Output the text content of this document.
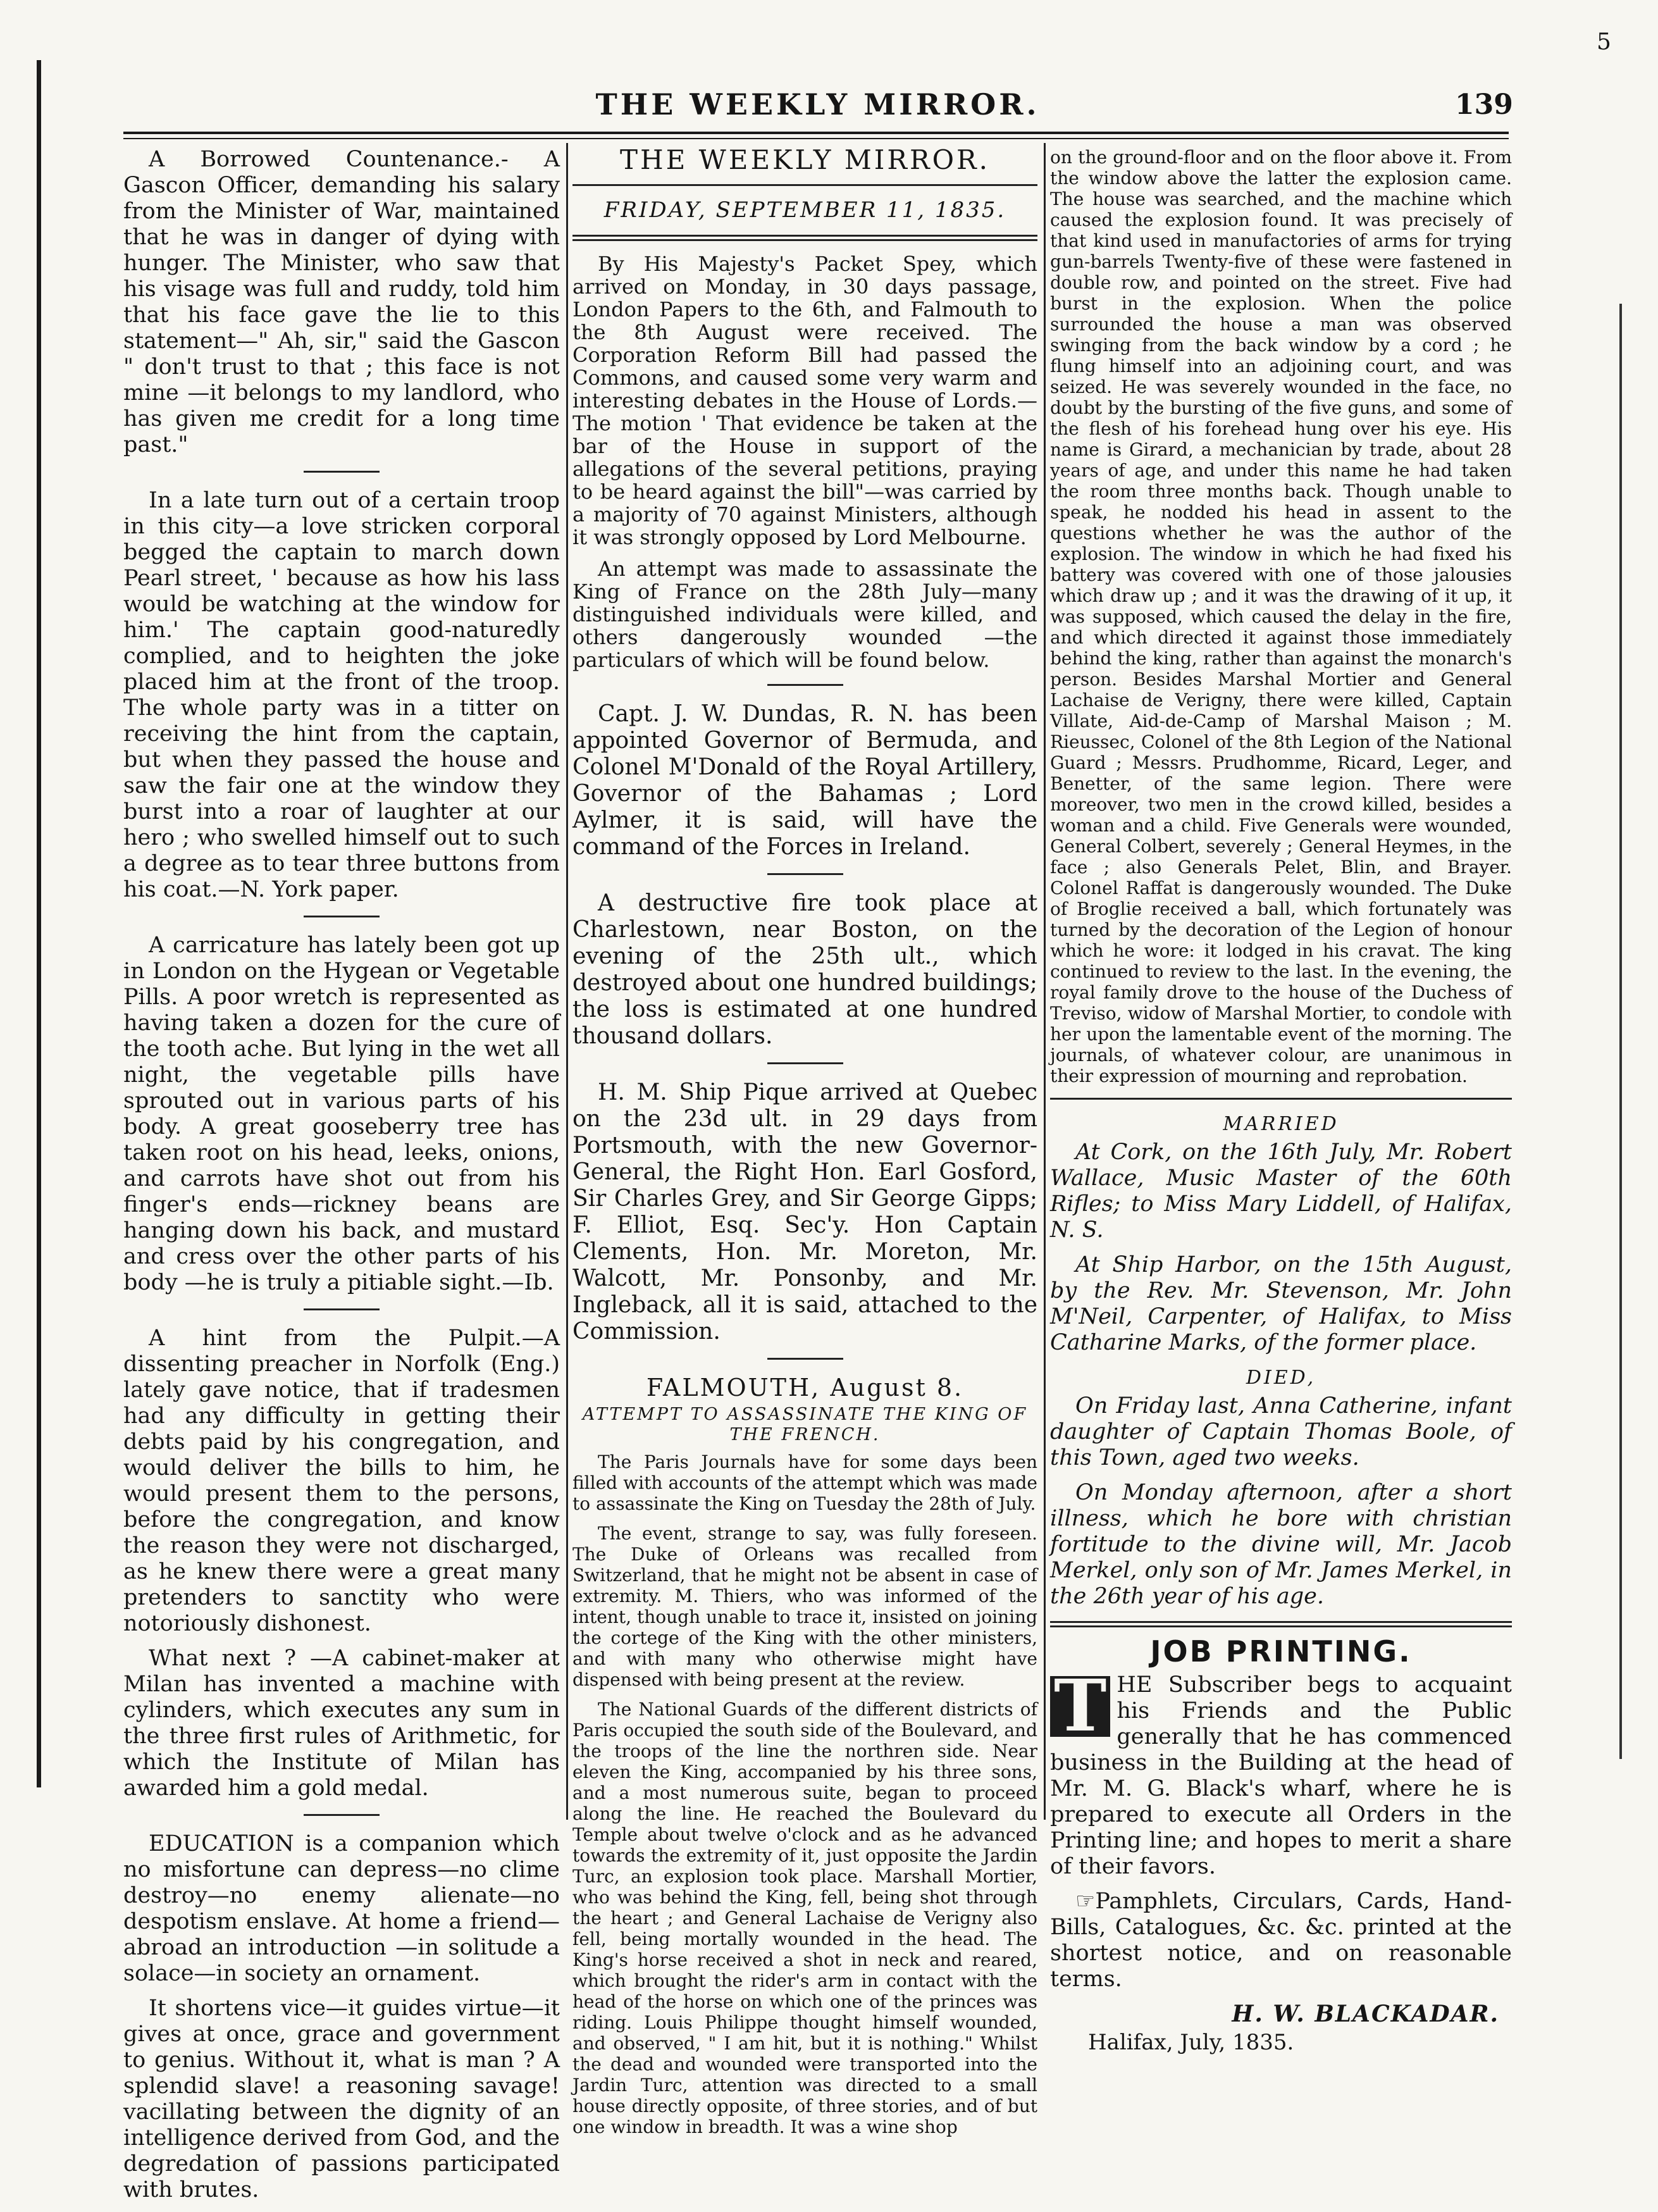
5
THE WEEKLY MIRROR.	139

A Borrowed Countenance.- A Gascon Officer, demanding his salary from the Minister of War, maintained that he was in danger of dying with hunger. The Minister, who saw that his visage was full and ruddy, told him that his face gave the lie to this statement—" Ah, sir," said the Gascon " don't trust to that ; this face is not mine —it belongs to my landlord, who has given me credit for a long time past."

In a late turn out of a certain troop in this city—a love stricken corporal begged the captain to march down Pearl street, ' because as how his lass would be watching at the window for him.' The captain good-naturedly complied, and to heighten the joke placed him at the front of the troop. The whole party was in a titter on receiving the hint from the captain, but when they passed the house and saw the fair one at the window they burst into a roar of laughter at our hero ; who swelled himself out to such a degree as to tear three buttons from his coat.—N. York paper.

A carricature has lately been got up in London on the Hygean or Vegetable Pills. A poor wretch is represented as having taken a dozen for the cure of the tooth ache. But lying in the wet all night, the vegetable pills have sprouted out in various parts of his body. A great gooseberry tree has taken root on his head, leeks, onions, and carrots have shot out from his finger's ends—rickney beans are hanging down his back, and mustard and cress over the other parts of his body —he is truly a pitiable sight.—Ib.

A hint from the Pulpit.—A dissenting preacher in Norfolk (Eng.) lately gave notice, that if tradesmen had any difficulty in getting their debts paid by his congregation, and would deliver the bills to him, he would present them to the persons, before the congregation, and know the reason they were not discharged, as he knew there were a great many pretenders to sanctity who were notoriously dishonest.

What next ? —A cabinet-maker at Milan has invented a machine with cylinders, which executes any sum in the three first rules of Arithmetic, for which the Institute of Milan has awarded him a gold medal.

EDUCATION is a companion which no misfortune can depress—no clime destroy—no enemy alienate—no despotism enslave. At home a friend—abroad an introduction —in solitude a solace—in society an ornament.

It shortens vice—it guides virtue—it gives at once, grace and government to genius. Without it, what is man ? A splendid slave! a reasoning savage! vacillating between the dignity of an intelligence derived from God, and the degredation of passions participated with brutes.

THE WEEKLY MIRROR.
FRIDAY, SEPTEMBER 11, 1835.

By His Majesty's Packet Spey, which arrived on Monday, in 30 days passage, London Papers to the 6th, and Falmouth to the 8th August were received. The Corporation Reform Bill had passed the Commons, and caused some very warm and interesting debates in the House of Lords.—The motion ' That evidence be taken at the bar of the House in support of the allegations of the several petitions, praying to be heard against the bill"—was carried by a majority of 70 against Ministers, although it was strongly opposed by Lord Melbourne.

An attempt was made to assassinate the King of France on the 28th July—many distinguished individuals were killed, and others dangerously wounded —the particulars of which will be found below.

Capt. J. W. Dundas, R. N. has been appointed Governor of Bermuda, and Colonel M'Donald of the Royal Artillery, Governor of the Bahamas ; Lord Aylmer, it is said, will have the command of the Forces in Ireland.

A destructive fire took place at Charlestown, near Boston, on the evening of the 25th ult., which destroyed about one hundred buildings; the loss is estimated at one hundred thousand dollars.

H. M. Ship Pique arrived at Quebec on the 23d ult. in 29 days from Portsmouth, with the new Governor-General, the Right Hon. Earl Gosford, Sir Charles Grey, and Sir George Gipps; F. Elliot, Esq. Sec'y. Hon Captain Clements, Hon. Mr. Moreton, Mr. Walcott, Mr. Ponsonby, and Mr. Ingleback, all it is said, attached to the Commission.

FALMOUTH, August 8.
ATTEMPT TO ASSASSINATE THE KING OF THE FRENCH.

The Paris Journals have for some days been filled with accounts of the attempt which was made to assassinate the King on Tuesday the 28th of July.

The event, strange to say, was fully foreseen. The Duke of Orleans was recalled from Switzerland, that he might not be absent in case of extremity. M. Thiers, who was informed of the intent, though unable to trace it, insisted on joining the cortege of the King with the other ministers, and with many who otherwise might have dispensed with being present at the review.

The National Guards of the different districts of Paris occupied the south side of the Boulevard, and the troops of the line the northren side. Near eleven the King, accompanied by his three sons, and a most numerous suite, began to proceed along the line. He reached the Boulevard du Temple about twelve o'clock and as he advanced towards the extremity of it, just opposite the Jardin Turc, an explosion took place. Marshall Mortier, who was behind the King, fell, being shot through the heart ; and General Lachaise de Verigny also fell, being mortally wounded in the head. The King's horse received a shot in neck and reared, which brought the rider's arm in contact with the head of the horse on which one of the princes was riding. Louis Philippe thought himself wounded, and observed, " I am hit, but it is nothing." Whilst the dead and wounded were transported into the Jardin Turc, attention was directed to a small house directly opposite, of three stories, and of but one window in breadth. It was a wine shop

on the ground-floor and on the floor above it. From the window above the latter the explosion came. The house was searched, and the machine which caused the explosion found. It was precisely of that kind used in manufactories of arms for trying gun-barrels Twenty-five of these were fastened in double row, and pointed on the street. Five had burst in the explosion. When the police surrounded the house a man was observed swinging from the back window by a cord ; he flung himself into an adjoining court, and was seized. He was severely wounded in the face, no doubt by the bursting of the five guns, and some of the flesh of his forehead hung over his eye. His name is Girard, a mechanician by trade, about 28 years of age, and under this name he had taken the room three months back. Though unable to speak, he nodded his head in assent to the questions whether he was the author of the explosion. The window in which he had fixed his battery was covered with one of those jalousies which draw up ; and it was the drawing of it up, it was supposed, which caused the delay in the fire, and which directed it against those immediately behind the king, rather than against the monarch's person. Besides Marshal Mortier and General Lachaise de Verigny, there were killed, Captain Villate, Aid-de-Camp of Marshal Maison ; M. Rieussec, Colonel of the 8th Legion of the National Guard ; Messrs. Prudhomme, Ricard, Leger, and Benetter, of the same legion. There were moreover, two men in the crowd killed, besides a woman and a child. Five Generals were wounded, General Colbert, severely ; General Heymes, in the face ; also Generals Pelet, Blin, and Brayer. Colonel Raffat is dangerously wounded. The Duke of Broglie received a ball, which fortunately was turned by the decoration of the Legion of honour which he wore: it lodged in his cravat. The king continued to review to the last. In the evening, the royal family drove to the house of the Duchess of Treviso, widow of Marshal Mortier, to condole with her upon the lamentable event of the morning. The journals, of whatever colour, are unanimous in their expression of mourning and reprobation.

MARRIED

At Cork, on the 16th July, Mr. Robert Wallace, Music Master of the 60th Rifles; to Miss Mary Liddell, of Halifax, N. S.

At Ship Harbor, on the 15th August, by the Rev. Mr. Stevenson, Mr. John M'Neil, Carpenter, of Halifax, to Miss Catharine Marks, of the former place.

DIED,

On Friday last, Anna Catherine, infant daughter of Captain Thomas Boole, of this Town, aged two weeks.

On Monday afternoon, after a short illness, which he bore with christian fortitude to the divine will, Mr. Jacob Merkel, only son of Mr. James Merkel, in the 26th year of his age.

JOB PRINTING.

T HE Subscriber begs to acquaint his Friends and the Public generally that he has commenced business in the Building at the head of Mr. M. G. Black's wharf, where he is prepared to execute all Orders in the Printing line; and hopes to merit a share of their favors.

☞Pamphlets, Circulars, Cards, Hand-Bills, Catalogues, &c. &c. printed at the shortest notice, and on reasonable terms.

H. W. BLACKADAR.

Halifax, July, 1835.
